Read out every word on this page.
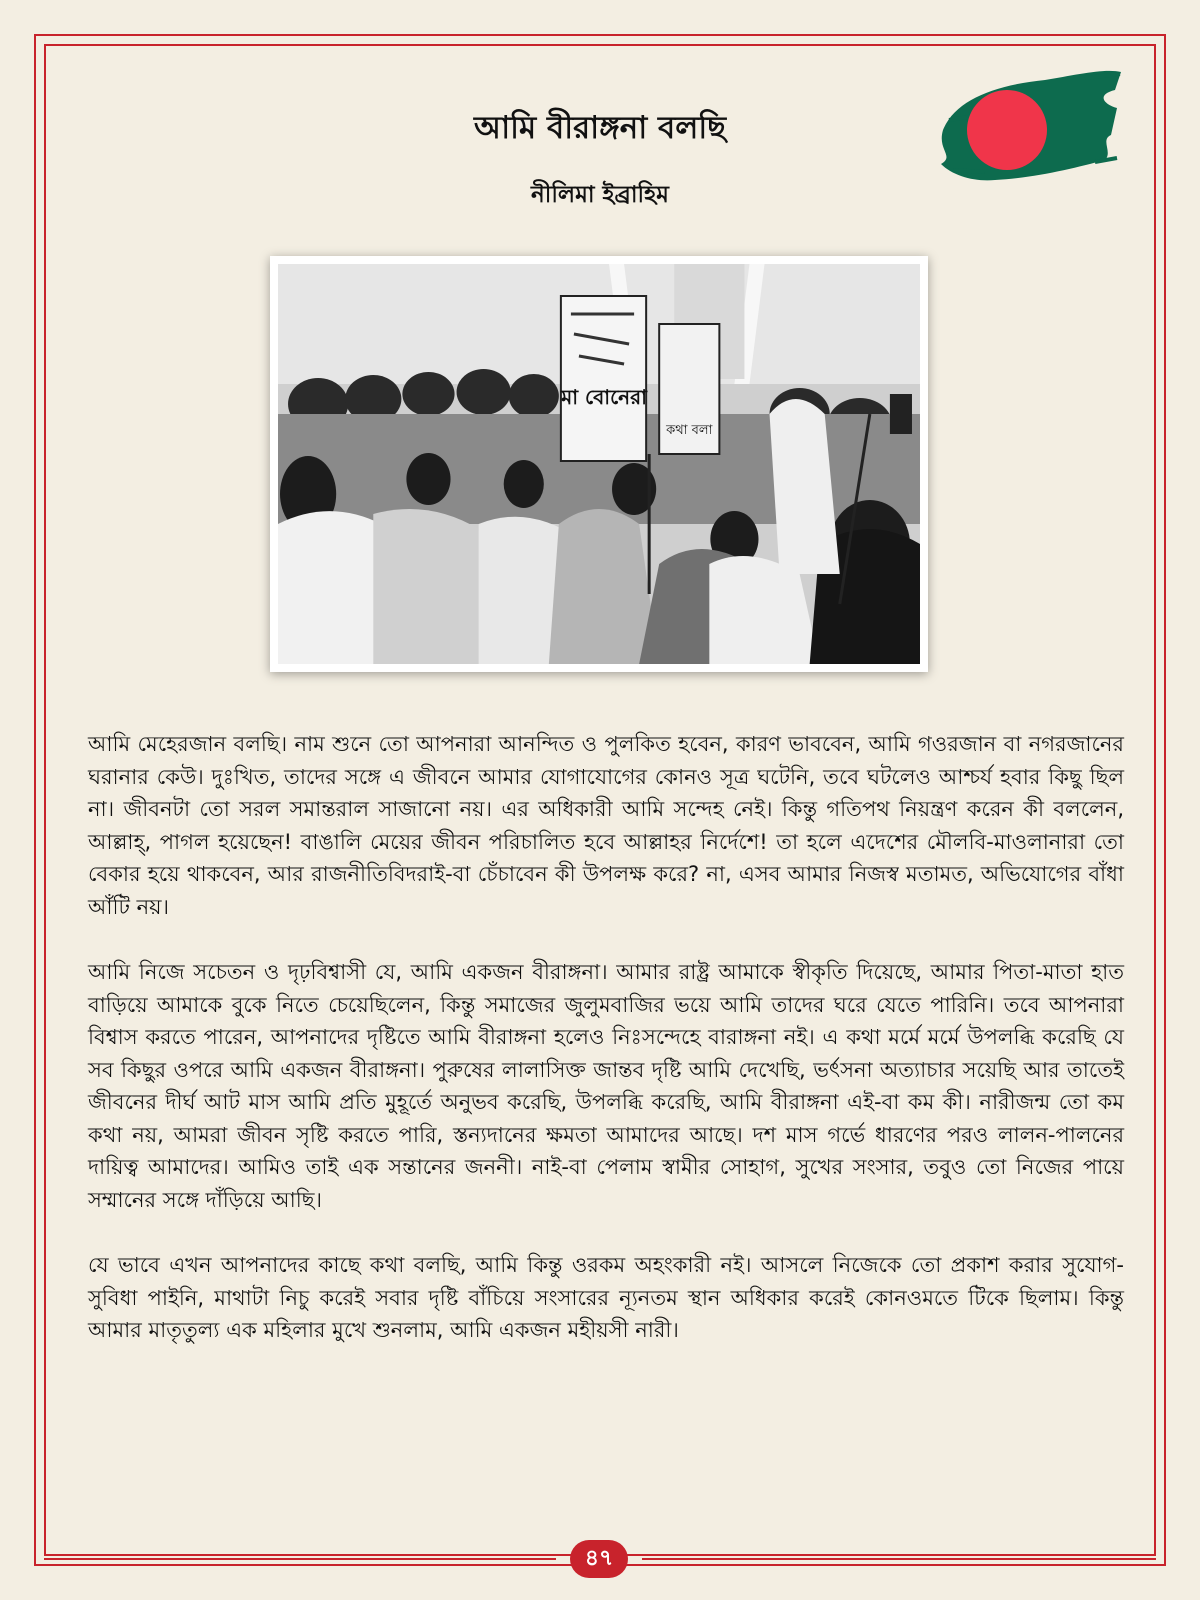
আমি বীরাঙ্গনা বলছি
নীলিমা ইব্রাহিম
মা বোনেরা
কথা বলা

আমি মেহেরজান বলছি। নাম শুনে তো আপনারা আনন্দিত ও পুলকিত হবেন, কারণ ভাববেন, আমি গওরজান বা নগরজানের ঘরানার কেউ। দুঃখিত, তাদের সঙ্গে এ জীবনে আমার যোগাযোগের কোনও সূত্র ঘটেনি, তবে ঘটলেও আশ্চর্য হবার কিছু ছিল না। জীবনটা তো সরল সমান্তরাল সাজানো নয়। এর অধিকারী আমি সন্দেহ নেই। কিন্তু গতিপথ নিয়ন্ত্রণ করেন কী বললেন, আল্লাহ্‌, পাগল হয়েছেন! বাঙালি মেয়ের জীবন পরিচালিত হবে আল্লাহর নির্দেশে! তা হলে এদেশের মৌলবি-মাওলানারা তো বেকার হয়ে থাকবেন, আর রাজনীতিবিদরাই-বা চেঁচাবেন কী উপলক্ষ করে? না, এসব আমার নিজস্ব মতামত, অভিযোগের বাঁধা আঁটি নয়।

আমি নিজে সচেতন ও দৃঢ়বিশ্বাসী যে, আমি একজন বীরাঙ্গনা। আমার রাষ্ট্র আমাকে স্বীকৃতি দিয়েছে, আমার পিতা-মাতা হাত বাড়িয়ে আমাকে বুকে নিতে চেয়েছিলেন, কিন্তু সমাজের জুলুমবাজির ভয়ে আমি তাদের ঘরে যেতে পারিনি। তবে আপনারা বিশ্বাস করতে পারেন, আপনাদের দৃষ্টিতে আমি বীরাঙ্গনা হলেও নিঃসন্দেহে বারাঙ্গনা নই। এ কথা মর্মে মর্মে উপলব্ধি করেছি যে সব কিছুর ওপরে আমি একজন বীরাঙ্গনা। পুরুষের লালাসিক্ত জান্তব দৃষ্টি আমি দেখেছি, ভর্ৎসনা অত্যাচার সয়েছি আর তাতেই জীবনের দীর্ঘ আট মাস আমি প্রতি মুহূর্তে অনুভব করেছি, উপলব্ধি করেছি, আমি বীরাঙ্গনা এই-বা কম কী। নারীজন্ম তো কম কথা নয়, আমরা জীবন সৃষ্টি করতে পারি, স্তন্যদানের ক্ষমতা আমাদের আছে। দশ মাস গর্ভে ধারণের পরও লালন-পালনের দায়িত্ব আমাদের। আমিও তাই এক সন্তানের জননী। নাই-বা পেলাম স্বামীর সোহাগ, সুখের সংসার, তবুও তো নিজের পায়ে সম্মানের সঙ্গে দাঁড়িয়ে আছি।

যে ভাবে এখন আপনাদের কাছে কথা বলছি, আমি কিন্তু ওরকম অহংকারী নই। আসলে নিজেকে তো প্রকাশ করার সুযোগ-সুবিধা পাইনি, মাথাটা নিচু করেই সবার দৃষ্টি বাঁচিয়ে সংসারের ন্যূনতম স্থান অধিকার করেই কোনওমতে টিকে ছিলাম। কিন্তু আমার মাতৃতুল্য এক মহিলার মুখে শুনলাম, আমি একজন মহীয়সী নারী।

৪৭
